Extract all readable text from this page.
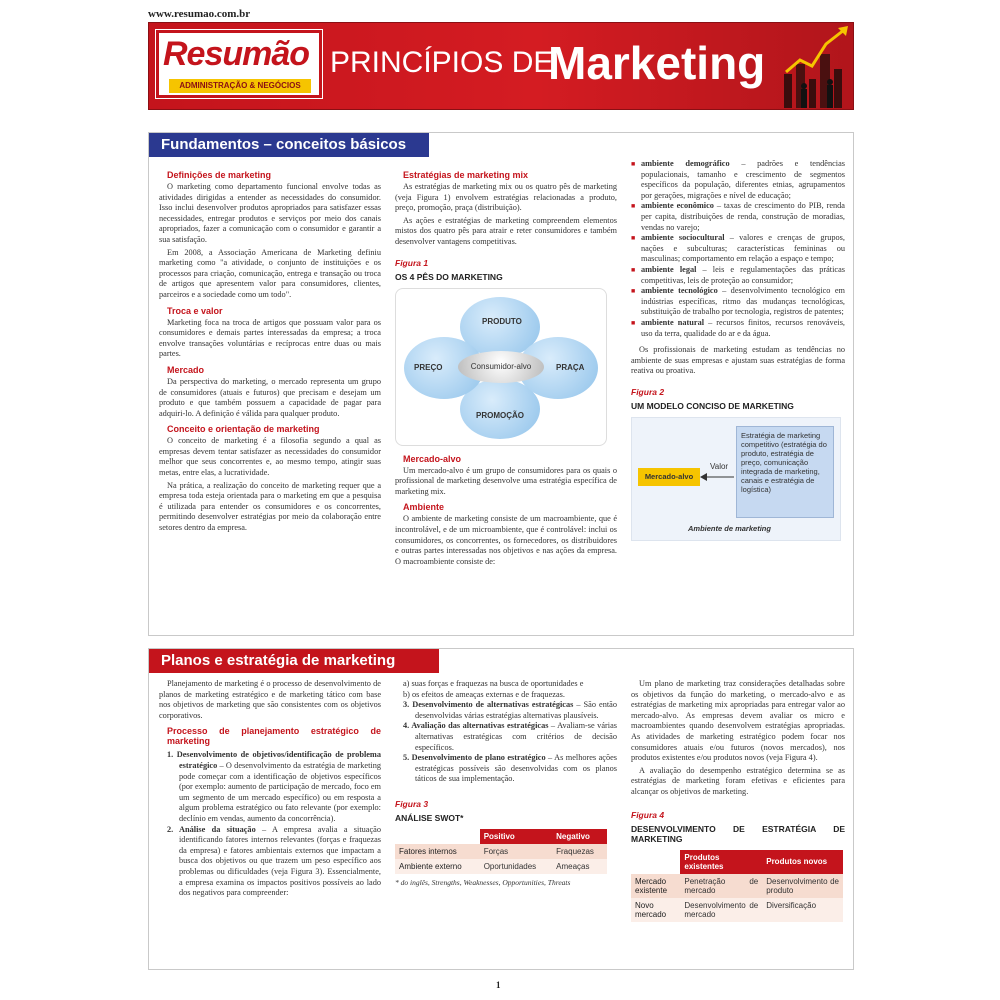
www.resumao.com.br
Resumão
ADMINISTRAÇÃO & NEGÓCIOS
PRINCÍPIOS DE
Marketing
Fundamentos – conceitos básicos
Definições de marketing

O marketing como departamento funcional envolve todas as atividades dirigidas a entender as necessidades do consumidor. Isso inclui desenvolver produtos apropriados para satisfazer essas necessidades, entregar produtos e serviços por meio dos canais apropriados, fazer a comunicação com o consumidor e garantir a sua satisfação.

Em 2008, a Associação Americana de Marketing definiu marketing como "a atividade, o conjunto de instituições e os processos para criação, comunicação, entrega e transação ou troca de artigos que apresentem valor para consumidores, clientes, parceiros e a sociedade como um todo".

Troca e valor

Marketing foca na troca de artigos que possuam valor para os consumidores e demais partes interessadas da empresa; a troca envolve transações voluntárias e recíprocas entre duas ou mais partes.

Mercado

Da perspectiva do marketing, o mercado representa um grupo de consumidores (atuais e futuros) que precisam e desejam um produto e que também possuem a capacidade de pagar para adquiri-lo. A definição é válida para qualquer produto.

Conceito e orientação de marketing

O conceito de marketing é a filosofia segundo a qual as empresas devem tentar satisfazer as necessidades do consumidor melhor que seus concorrentes e, ao mesmo tempo, atingir suas metas, entre elas, a lucratividade.

Na prática, a realização do conceito de marketing requer que a empresa toda esteja orientada para o marketing em que a pesquisa é utilizada para entender os consumidores e os concorrentes, permitindo desenvolver estratégias por meio da colaboração entre setores dentro da empresa.

Estratégias de marketing mix

As estratégias de marketing mix ou os quatro pês de marketing (veja Figura 1) envolvem estratégias relacionadas a produto, preço, promoção, praça (distribuição).

As ações e estratégias de marketing compreendem elementos mistos dos quatro pês para atrair e reter consumidores e também desenvolver vantagens competitivas.

Figura 1
OS 4 PÊS DO MARKETING
Consumidor-alvo
PRODUTO
PROMOÇÃO
PREÇO	PRAÇA
Mercado-alvo

Um mercado-alvo é um grupo de consumidores para os quais o profissional de marketing desenvolve uma estratégia específica de marketing mix.

Ambiente

O ambiente de marketing consiste de um macroambiente, que é incontrolável, e de um microambiente, que é controlável: inclui os consumidores, os concorrentes, os fornecedores, os distribuidores e outras partes interessadas nos objetivos e nas ações da empresa. O macroambiente consiste de:

■ ambiente demográfico – padrões e tendências populacionais, tamanho e crescimento de segmentos específicos da população, diferentes etnias, agrupamentos por gerações, migrações e nível de educação;
■ ambiente econômico – taxas de crescimento do PIB, renda per capita, distribuições de renda, construção de moradias, vendas no varejo;
■ ambiente sociocultural – valores e crenças de grupos, nações e subculturas; características femininas ou masculinas; comportamento em relação a espaço e tempo;
■ ambiente legal – leis e regulamentações das práticas competitivas, leis de proteção ao consumidor;
■ ambiente tecnológico – desenvolvimento tecnológico em indústrias específicas, ritmo das mudanças tecnológicas, substituição de trabalho por tecnologia, registros de patentes;
■ ambiente natural – recursos finitos, recursos renováveis, uso da terra, qualidade do ar e da água.

Os profissionais de marketing estudam as tendências no ambiente de suas empresas e ajustam suas estratégias de forma reativa ou proativa.

Figura 2
UM MODELO CONCISO DE MARKETING
Estratégia de marketing competitivo (estratégia do produto, estratégia de preço, comunicação integrada de marketing, canais e estratégia de logística)
Valor
Mercado-alvo
Ambiente de marketing
Planos e estratégia de marketing

Planejamento de marketing é o processo de desenvolvimento de planos de marketing estratégico e de marketing tático com base nos objetivos de marketing que são consistentes com os objetivos corporativos.

Processo de planejamento estratégico de marketing
1. Desenvolvimento de objetivos/identificação de problema estratégico – O desenvolvimento da estratégia de marketing pode começar com a identificação de objetivos específicos (por exemplo: aumento de participação de mercado, foco em um segmento de um mercado específico) ou em resposta a algum problema estratégico ou fato relevante (por exemplo: declínio em vendas, aumento da concorrência).
2. Análise da situação – A empresa avalia a situação identificando fatores internos relevantes (forças e fraquezas da empresa) e fatores ambientais externos que impactam a busca dos objetivos ou que trazem um peso específico aos problemas ou dificuldades (veja Figura 3). Essencialmente, a empresa examina os impactos positivos possíveis ao lado dos negativos para compreender:
a) suas forças e fraquezas na busca de oportunidades e
b) os efeitos de ameaças externas e de fraquezas.
3. Desenvolvimento de alternativas estratégicas – São então desenvolvidas várias estratégias alternativas plausíveis.
4. Avaliação das alternativas estratégicas – Avaliam-se várias alternativas estratégicas com critérios de decisão específicos.
5. Desenvolvimento de plano estratégico – As melhores ações estratégicas possíveis são desenvolvidas com os planos táticos de sua implementação.
Figura 3
ANÁLISE SWOT*
	Positivo	Negativo
Fatores internos	Forças	Fraquezas
Ambiente externo	Oportunidades	Ameaças
* do inglês, Strengths, Weaknesses, Opportunities, Threats

Um plano de marketing traz considerações detalhadas sobre os objetivos da função do marketing, o mercado-alvo e as estratégias de marketing mix apropriadas para entregar valor ao mercado-alvo. As empresas devem avaliar os micro e macroambientes quando desenvolvem estratégias apropriadas. As atividades de marketing estratégico podem focar nos consumidores atuais e/ou futuros (novos mercados), nos produtos existentes e/ou produtos novos (veja Figura 4).

A avaliação do desempenho estratégico determina se as estratégias de marketing foram efetivas e eficientes para alcançar os objetivos de marketing.

Figura 4
DESENVOLVIMENTO DE ESTRATÉGIA DE MARKETING
	Produtos existentes	Produtos novos
Mercado existente	Penetração de mercado	Desenvolvimento de produto
Novo mercado	Desenvolvimento de mercado	Diversificação
1
